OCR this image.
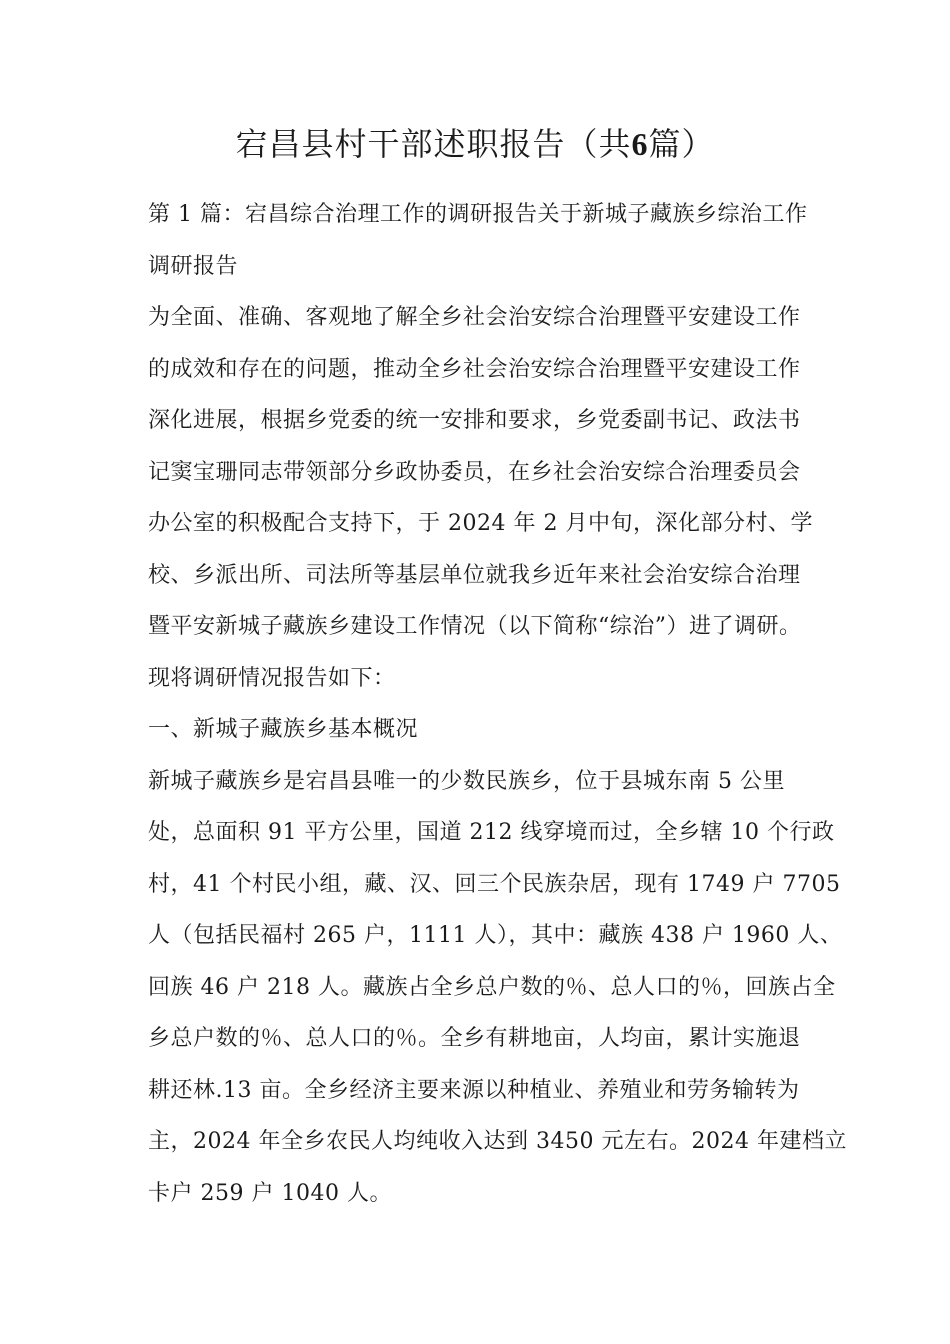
宕昌县村干部述职报告（共6篇）
第 1 篇：宕昌综合治理工作的调研报告关于新城子藏族乡综治工作
调研报告
为全面、准确、客观地了解全乡社会治安综合治理暨平安建设工作
的成效和存在的问题，推动全乡社会治安综合治理暨平安建设工作
深化进展，根据乡党委的统一安排和要求，乡党委副书记、政法书
记窦宝珊同志带领部分乡政协委员，在乡社会治安综合治理委员会
办公室的积极配合支持下，于 2024 年 2 月中旬，深化部分村、学
校、乡派出所、司法所等基层单位就我乡近年来社会治安综合治理
暨平安新城子藏族乡建设工作情况（以下简称“综治”）进了调研。
现将调研情况报告如下：
一、新城子藏族乡基本概况
新城子藏族乡是宕昌县唯一的少数民族乡，位于县城东南 5 公里
处，总面积 91 平方公里，国道 212 线穿境而过，全乡辖 10 个行政
村，41 个村民小组，藏、汉、回三个民族杂居，现有 1749 户 7705
人（包括民福村 265 户，1111 人），其中：藏族 438 户 1960 人、
回族 46 户 218 人。藏族占全乡总户数的％、总人口的％，回族占全
乡总户数的％、总人口的％。全乡有耕地亩，人均亩，累计实施退
耕还林.13 亩。全乡经济主要来源以种植业、养殖业和劳务输转为
主，2024 年全乡农民人均纯收入达到 3450 元左右。2024 年建档立
卡户 259 户 1040 人。
